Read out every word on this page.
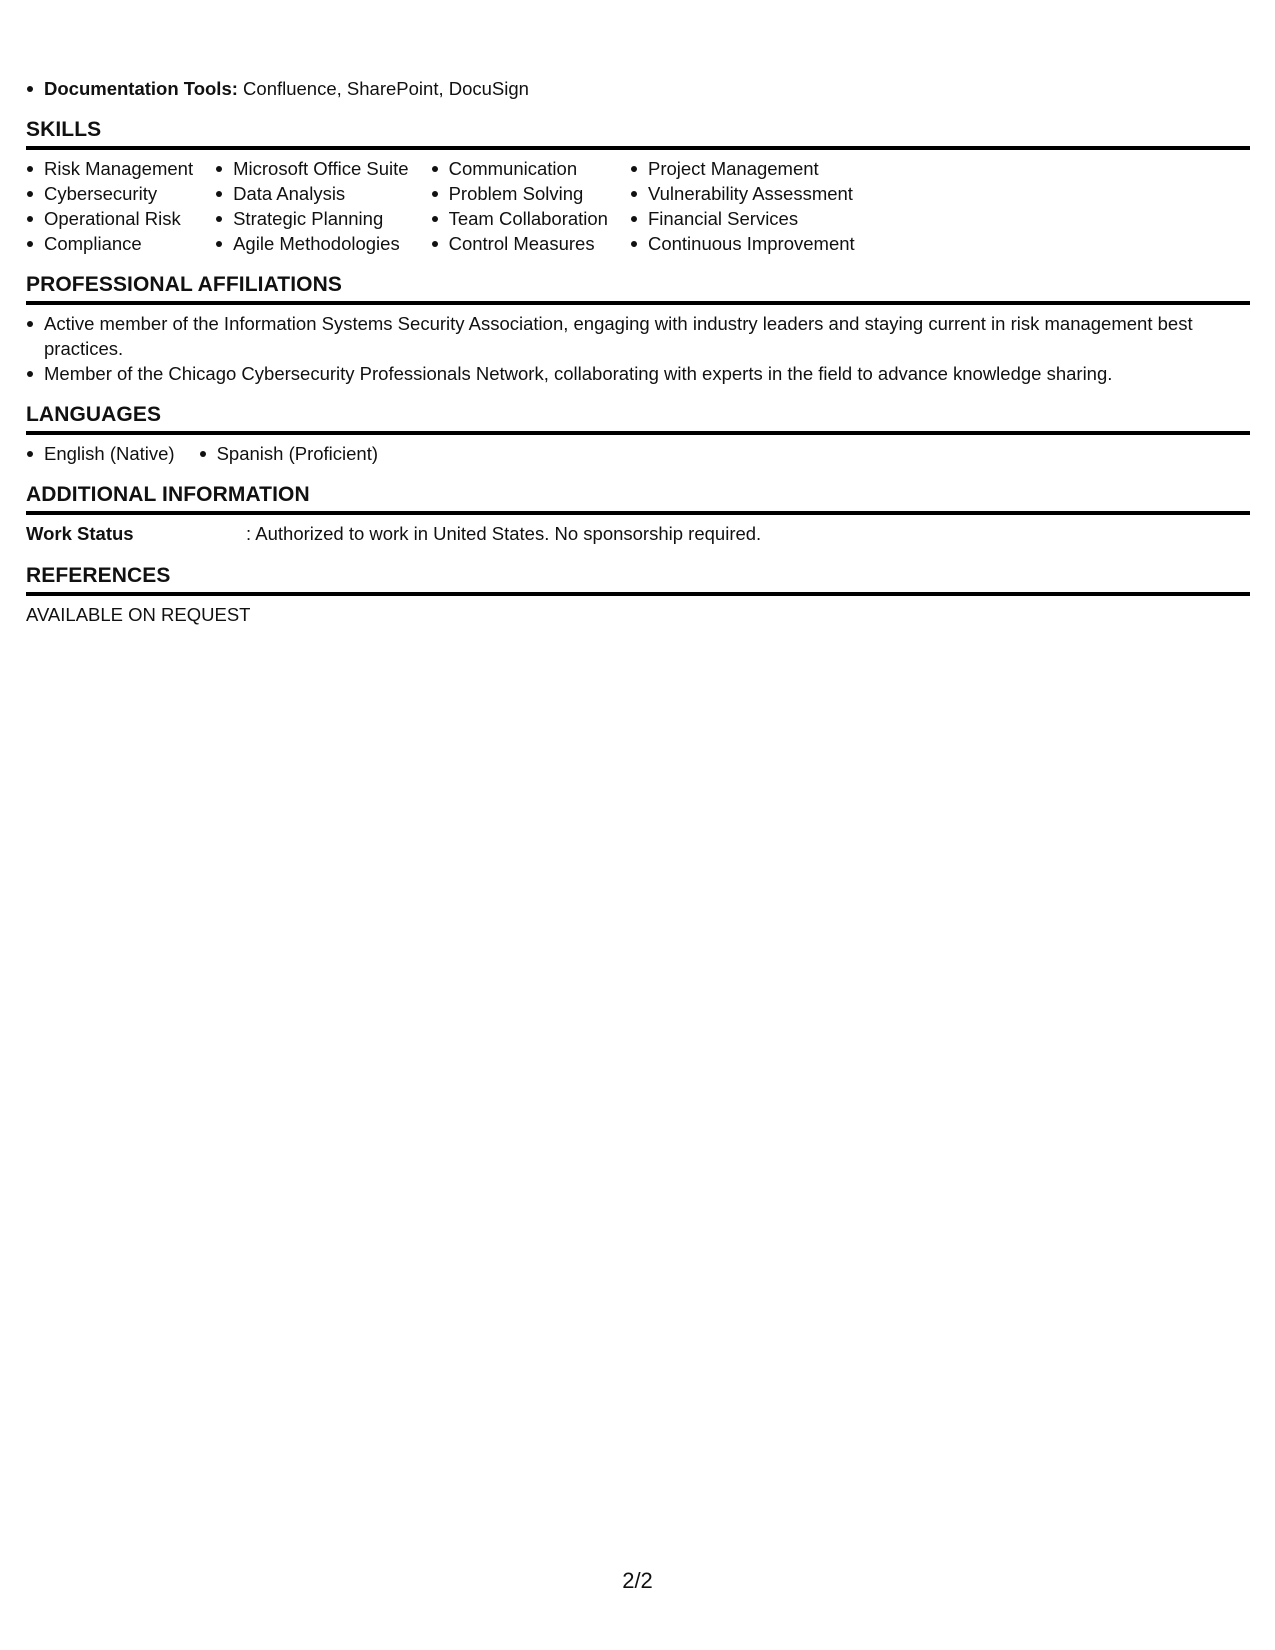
Documentation Tools: Confluence, SharePoint, DocuSign
SKILLS
Risk Management
Cybersecurity
Operational Risk
Compliance
Microsoft Office Suite
Data Analysis
Strategic Planning
Agile Methodologies
Communication
Problem Solving
Team Collaboration
Control Measures
Project Management
Vulnerability Assessment
Financial Services
Continuous Improvement
PROFESSIONAL AFFILIATIONS
Active member of the Information Systems Security Association, engaging with industry leaders and staying current in risk management best practices.
Member of the Chicago Cybersecurity Professionals Network, collaborating with experts in the field to advance knowledge sharing.
LANGUAGES
English (Native)	Spanish (Proficient)
ADDITIONAL INFORMATION
Work Status	: Authorized to work in United States. No sponsorship required.
REFERENCES
AVAILABLE ON REQUEST
2/2
